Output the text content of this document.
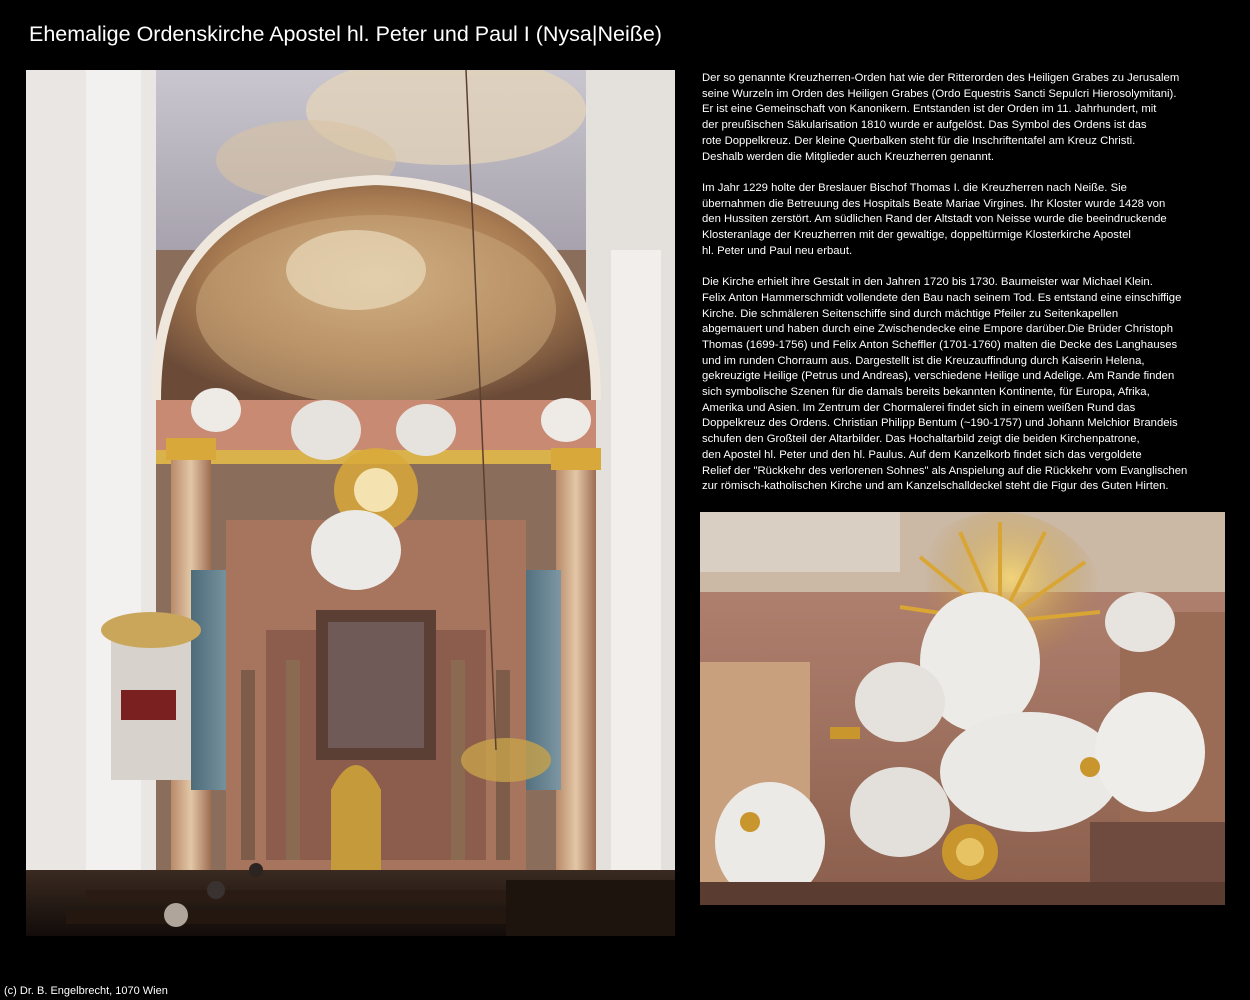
Ehemalige Ordenskirche Apostel hl. Peter und Paul I (Nysa|Neiße)

Der so genannte Kreuzherren-Orden hat wie der Ritterorden des Heiligen Grabes zu Jerusalem
seine Wurzeln im Orden des Heiligen Grabes (Ordo Equestris Sancti Sepulcri Hierosolymitani).
Er ist eine Gemeinschaft von Kanonikern. Entstanden ist der Orden im 11. Jahrhundert, mit
der preußischen Säkularisation 1810 wurde er aufgelöst. Das Symbol des Ordens ist das
rote Doppelkreuz. Der kleine Querbalken steht für die Inschriftentafel am Kreuz Christi.
Deshalb werden die Mitglieder auch Kreuzherren genannt.

Im Jahr 1229 holte der Breslauer Bischof Thomas I. die Kreuzherren nach Neiße. Sie
übernahmen die Betreuung des Hospitals Beate Mariae Virgines. Ihr Kloster wurde 1428 von
den Hussiten zerstört. Am südlichen Rand der Altstadt von Neisse wurde die beeindruckende
Klosteranlage der Kreuzherren mit der gewaltige, doppeltürmige Klosterkirche Apostel
hl. Peter und Paul neu erbaut.

Die Kirche erhielt ihre Gestalt in den Jahren 1720 bis 1730. Baumeister war Michael Klein.
Felix Anton Hammerschmidt vollendete den Bau nach seinem Tod. Es entstand eine einschiffige
Kirche. Die schmäleren Seitenschiffe sind durch mächtige Pfeiler zu Seitenkapellen
abgemauert und haben durch eine Zwischendecke eine Empore darüber.Die Brüder Christoph
Thomas (1699-1756) und Felix Anton Scheffler (1701-1760) malten die Decke des Langhauses
und im runden Chorraum aus. Dargestellt ist die Kreuzauffindung durch Kaiserin Helena,
gekreuzigte Heilige (Petrus und Andreas), verschiedene Heilige und Adelige. Am Rande finden
sich symbolische Szenen für die damals bereits bekannten Kontinente, für Europa, Afrika,
Amerika und Asien. Im Zentrum der Chormalerei findet sich in einem weißen Rund das
Doppelkreuz des Ordens. Christian Philipp Bentum (~190-1757) und Johann Melchior Brandeis
schufen den Großteil der Altarbilder. Das Hochaltarbild zeigt die beiden Kirchenpatrone,
den Apostel hl. Peter und den hl. Paulus. Auf dem Kanzelkorb findet sich das vergoldete
Relief der "Rückkehr des verlorenen Sohnes" als Anspielung auf die Rückkehr vom Evanglischen
zur römisch-katholischen Kirche und am Kanzelschalldeckel steht die Figur des Guten Hirten.

(c) Dr. B. Engelbrecht, 1070 Wien
